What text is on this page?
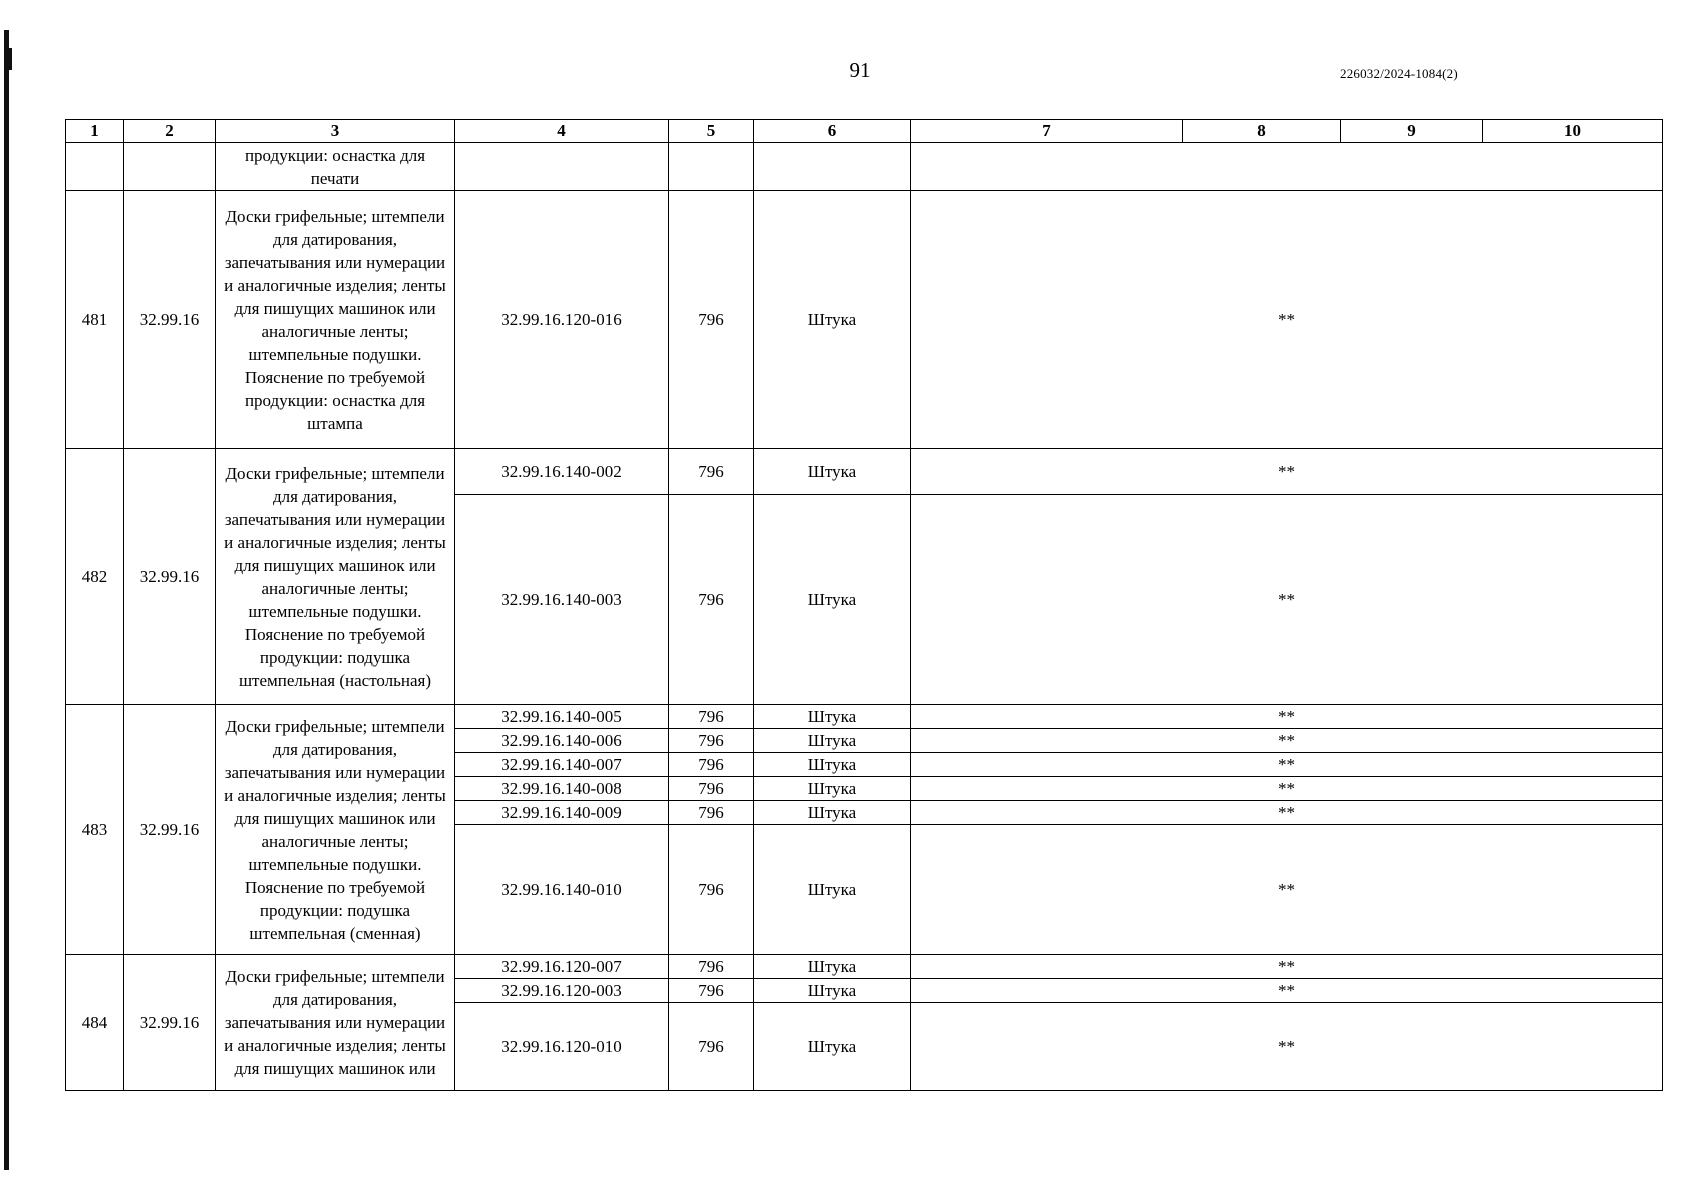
91	226032/2024-1084(2)
1	2	3	4	5	6	7	8	9	10
		продукции: оснастка для печати							
481	32.99.16	Доски грифельные; штемпели для датирования, запечатывания или нумерации и аналогичные изделия; ленты для пишущих машинок или аналогичные ленты; штемпельные подушки. Пояснение по требуемой продукции: оснастка для штампа	32.99.16.120-016	796	Штука	**			
482	32.99.16	Доски грифельные; штемпели для датирования, запечатывания или нумерации и аналогичные изделия; ленты для пишущих машинок или аналогичные ленты; штемпельные подушки. Пояснение по требуемой продукции: подушка штемпельная (настольная)	32.99.16.140-002	796	Штука	**			
			32.99.16.140-003	796	Штука	**			
483	32.99.16	Доски грифельные; штемпели для датирования, запечатывания или нумерации и аналогичные изделия; ленты для пишущих машинок или аналогичные ленты; штемпельные подушки. Пояснение по требуемой продукции: подушка штемпельная (сменная)	32.99.16.140-005	796	Штука	**			
			32.99.16.140-006	796	Штука	**			
			32.99.16.140-007	796	Штука	**			
			32.99.16.140-008	796	Штука	**			
			32.99.16.140-009	796	Штука	**			
			32.99.16.140-010	796	Штука	**			
484	32.99.16	Доски грифельные; штемпели для датирования, запечатывания или нумерации и аналогичные изделия; ленты для пишущих машинок или	32.99.16.120-007	796	Штука	**			
			32.99.16.120-003	796	Штука	**			
			32.99.16.120-010	796	Штука	**			
